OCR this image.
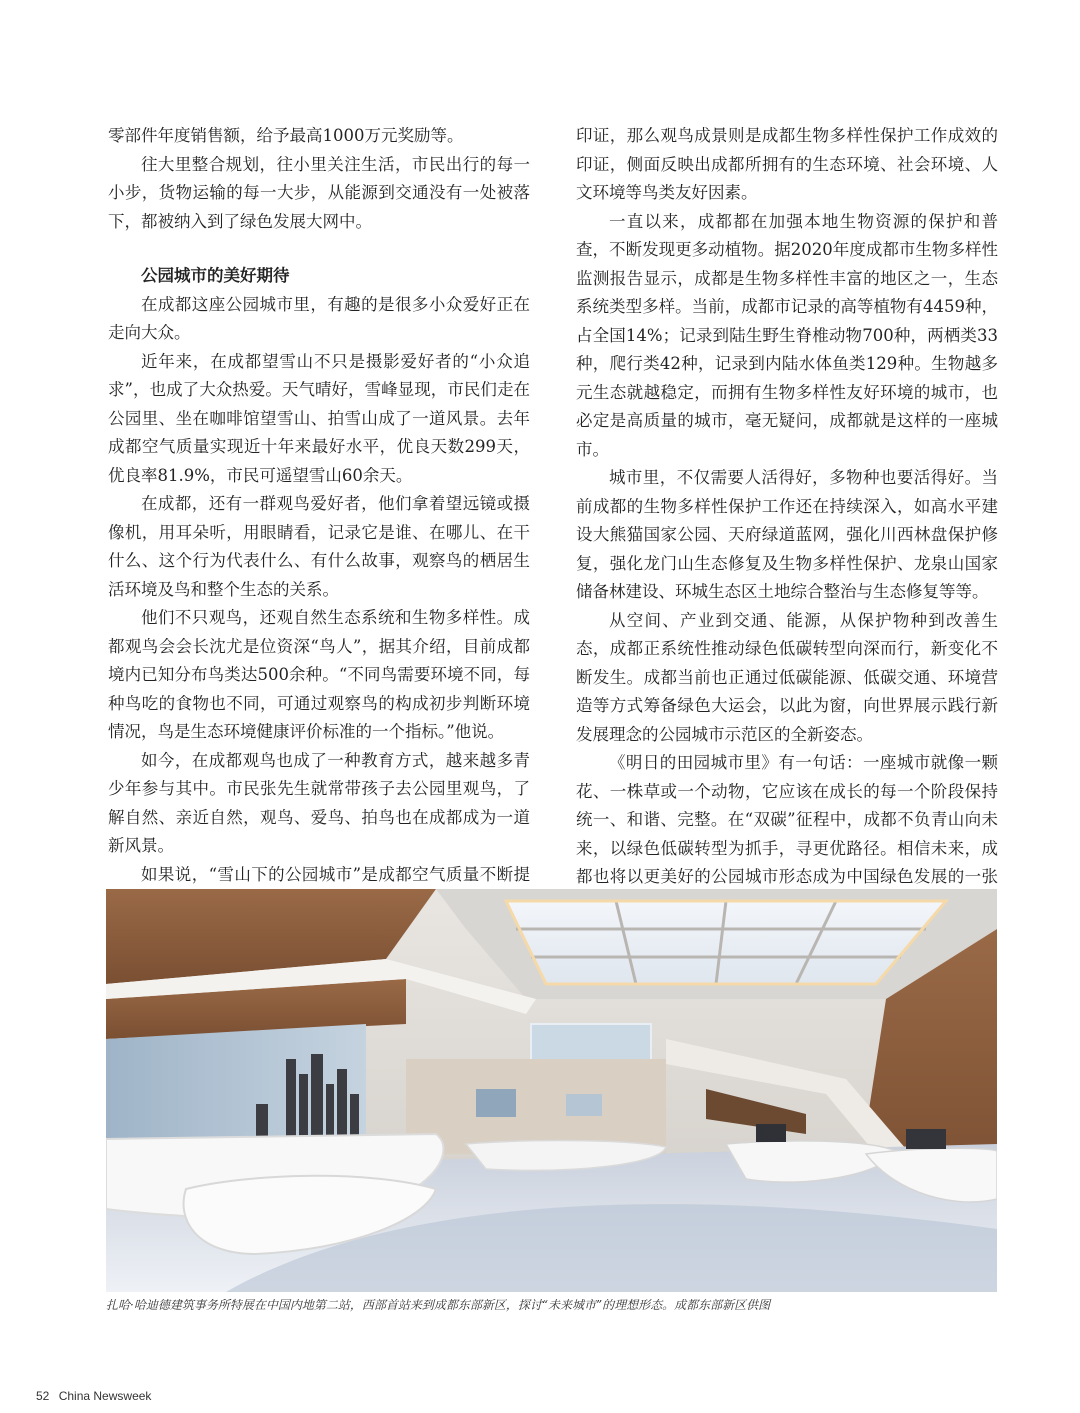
零部件年度销售额，给予最高1000万元奖励等。

往大里整合规划，往小里关注生活，市民出行的每一小步，货物运输的每一大步，从能源到交通没有一处被落下，都被纳入到了绿色发展大网中。

公园城市的美好期待

在成都这座公园城市里，有趣的是很多小众爱好正在走向大众。

近年来，在成都望雪山不只是摄影爱好者的“小众追求”，也成了大众热爱。天气晴好，雪峰显现，市民们走在公园里、坐在咖啡馆望雪山、拍雪山成了一道风景。去年成都空气质量实现近十年来最好水平，优良天数299天，优良率81.9%，市民可遥望雪山60余天。

在成都，还有一群观鸟爱好者，他们拿着望远镜或摄像机，用耳朵听，用眼睛看，记录它是谁、在哪儿、在干什么、这个行为代表什么、有什么故事，观察鸟的栖居生活环境及鸟和整个生态的关系。

他们不只观鸟，还观自然生态系统和生物多样性。成都观鸟会会长沈尤是位资深“鸟人”，据其介绍，目前成都境内已知分布鸟类达500余种。“不同鸟需要环境不同，每种鸟吃的食物也不同，可通过观察鸟的构成初步判断环境情况，鸟是生态环境健康评价标准的一个指标。”他说。

如今，在成都观鸟也成了一种教育方式，越来越多青少年参与其中。市民张先生就常带孩子去公园里观鸟，了解自然、亲近自然，观鸟、爱鸟、拍鸟也在成都成为一道新风景。

如果说，“雪山下的公园城市”是成都空气质量不断提

印证，那么观鸟成景则是成都生物多样性保护工作成效的印证，侧面反映出成都所拥有的生态环境、社会环境、人文环境等鸟类友好因素。

一直以来，成都都在加强本地生物资源的保护和普查，不断发现更多动植物。据2020年度成都市生物多样性监测报告显示，成都是生物多样性丰富的地区之一，生态系统类型多样。当前，成都市记录的高等植物有4459种，占全国14%；记录到陆生野生脊椎动物700种，两栖类33种，爬行类42种，记录到内陆水体鱼类129种。生物越多元生态就越稳定，而拥有生物多样性友好环境的城市，也必定是高质量的城市，毫无疑问，成都就是这样的一座城市。

城市里，不仅需要人活得好，多物种也要活得好。当前成都的生物多样性保护工作还在持续深入，如高水平建设大熊猫国家公园、天府绿道蓝网，强化川西林盘保护修复，强化龙门山生态修复及生物多样性保护、龙泉山国家储备林建设、环城生态区土地综合整治与生态修复等等。

从空间、产业到交通、能源，从保护物种到改善生态，成都正系统性推动绿色低碳转型向深而行，新变化不断发生。成都当前也正通过低碳能源、低碳交通、环境营造等方式筹备绿色大运会，以此为窗，向世界展示践行新发展理念的公园城市示范区的全新姿态。

《明日的田园城市里》有一句话：一座城市就像一颗花、一株草或一个动物，它应该在成长的每一个阶段保持统一、和谐、完整。在“双碳”征程中，成都不负青山向未来，以绿色低碳转型为抓手，寻更优路径。相信未来，成都也将以更美好的公园城市形态成为中国绿色发展的一张

扎哈·哈迪德建筑事务所特展在中国内地第二站，西部首站来到成都东部新区，探讨“未来城市”的理想形态。成都东部新区供图
52 China Newsweek
